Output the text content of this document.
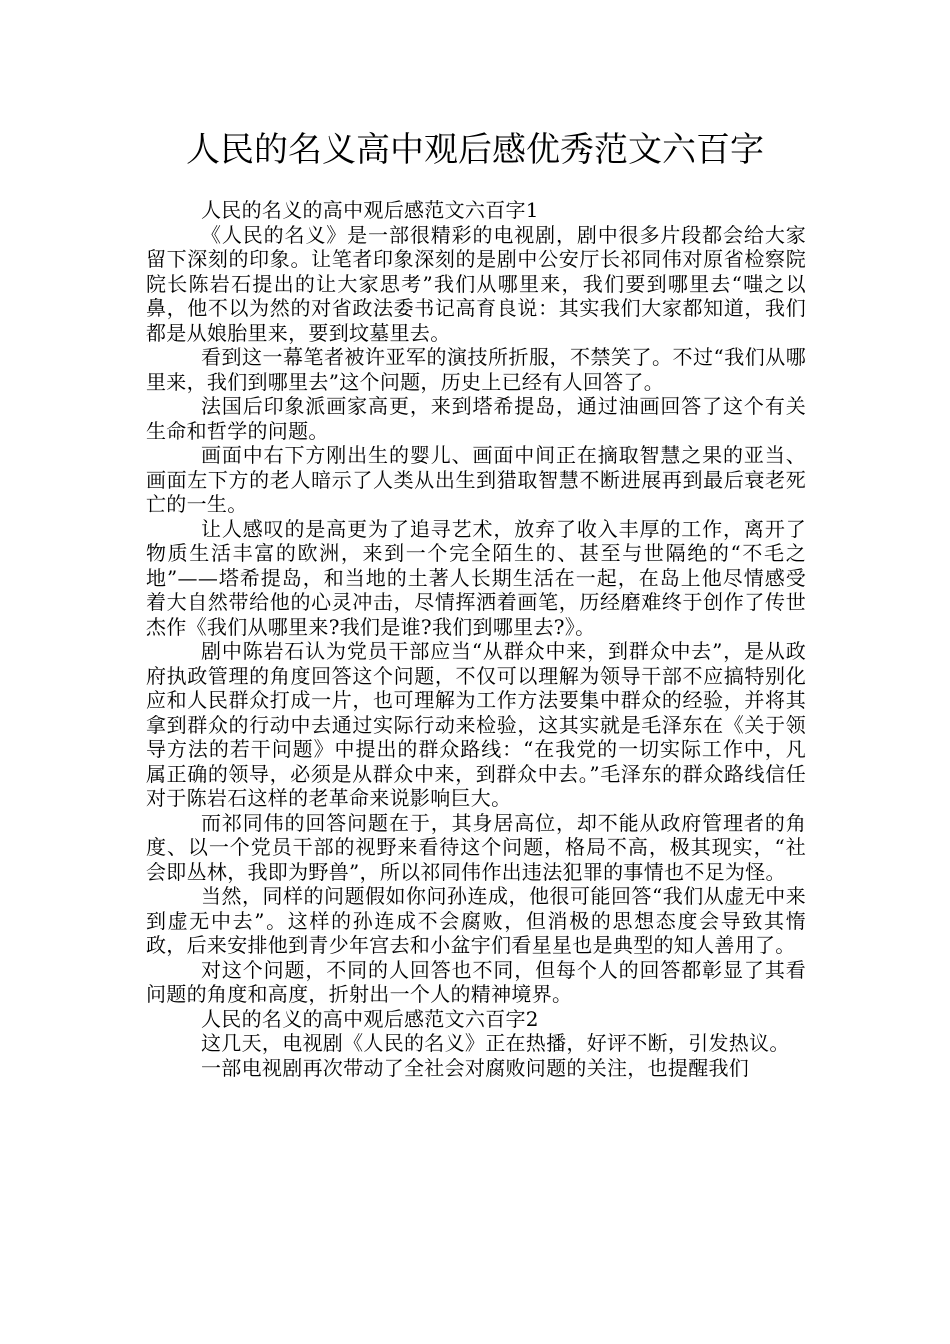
人民的名义高中观后感优秀范文六百字

人民的名义的高中观后感范文六百字1

《人民的名义》是一部很精彩的电视剧，剧中很多片段都会给大家留下深刻的印象。让笔者印象深刻的是剧中公安厅长祁同伟对原省检察院院长陈岩石提出的让大家思考”我们从哪里来，我们要到哪里去“嗤之以鼻，他不以为然的对省政法委书记高育良说：其实我们大家都知道，我们都是从娘胎里来，要到坟墓里去。

看到这一幕笔者被许亚军的演技所折服，不禁笑了。不过“我们从哪里来，我们到哪里去”这个问题，历史上已经有人回答了。

法国后印象派画家高更，来到塔希提岛，通过油画回答了这个有关生命和哲学的问题。

画面中右下方刚出生的婴儿、画面中间正在摘取智慧之果的亚当、画面左下方的老人暗示了人类从出生到猎取智慧不断进展再到最后衰老死亡的一生。

让人感叹的是高更为了追寻艺术，放弃了收入丰厚的工作，离开了物质生活丰富的欧洲，来到一个完全陌生的、甚至与世隔绝的“不毛之地”——塔希提岛，和当地的土著人长期生活在一起，在岛上他尽情感受着大自然带给他的心灵冲击，尽情挥洒着画笔，历经磨难终于创作了传世杰作《我们从哪里来?我们是谁?我们到哪里去?》。

剧中陈岩石认为党员干部应当“从群众中来，到群众中去”，是从政府执政管理的角度回答这个问题，不仅可以理解为领导干部不应搞特别化应和人民群众打成一片，也可理解为工作方法要集中群众的经验，并将其拿到群众的行动中去通过实际行动来检验，这其实就是毛泽东在《关于领导方法的若干问题》中提出的群众路线：“在我党的一切实际工作中，凡属正确的领导，必须是从群众中来，到群众中去。”毛泽东的群众路线信任对于陈岩石这样的老革命来说影响巨大。

而祁同伟的回答问题在于，其身居高位，却不能从政府管理者的角度、以一个党员干部的视野来看待这个问题，格局不高，极其现实，“社会即丛林，我即为野兽”，所以祁同伟作出违法犯罪的事情也不足为怪。

当然，同样的问题假如你问孙连成，他很可能回答“我们从虚无中来到虚无中去”。这样的孙连成不会腐败，但消极的思想态度会导致其惰政，后来安排他到青少年宫去和小盆宇们看星星也是典型的知人善用了。

对这个问题，不同的人回答也不同，但每个人的回答都彰显了其看问题的角度和高度，折射出一个人的精神境界。

人民的名义的高中观后感范文六百字2

这几天，电视剧《人民的名义》正在热播，好评不断，引发热议。

一部电视剧再次带动了全社会对腐败问题的关注，也提醒我们
